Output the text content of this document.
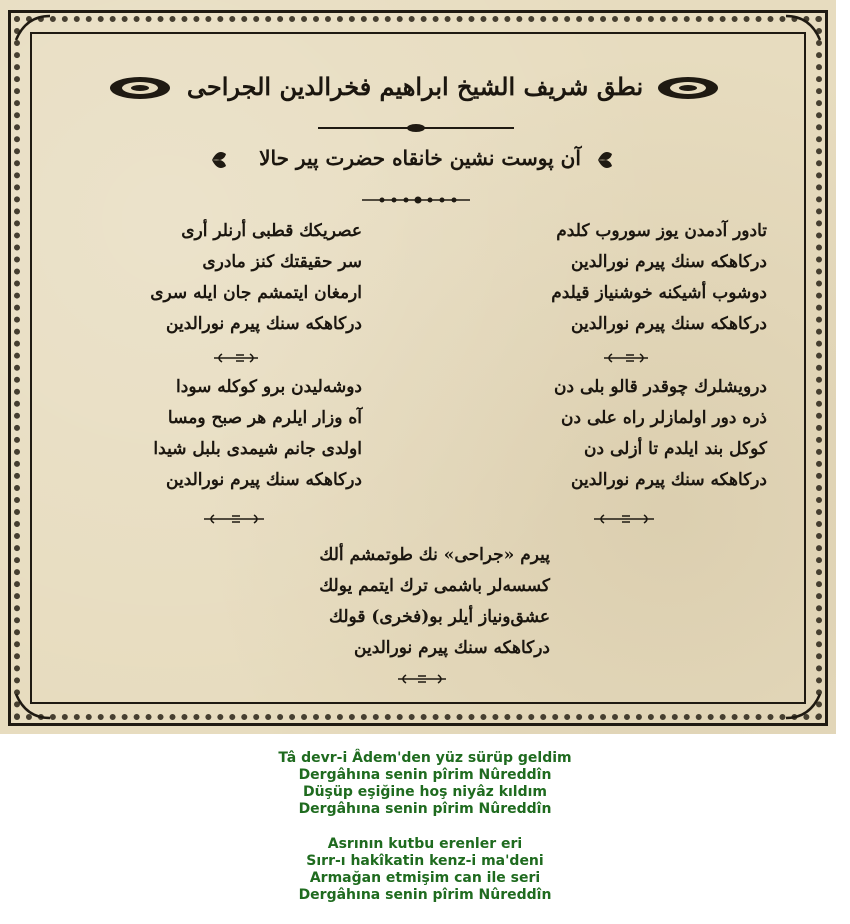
نطق شریف الشیخ ابراهیم فخرالدین الجراحی
آن پوست نشین خانقاه حضرت پیر حالا
تادور آدمدن یوز سوروب کلدم
درکاهکه سنك پیرم نورالدین
دوشوب أشیکنه خوشنیاز قیلدم
درکاهکه سنك پیرم نورالدین
عصریکك قطبی أرنلر أری
سر حقیقتك کنز مادری
ارمغان ایتمشم جان ایله سری
درکاهکه سنك پیرم نورالدین
درویشلرك چوقدر قالو بلی دن
ذره دور اولمازلر راه علی دن
کوکل بند ایلدم تا أزلی دن
درکاهکه سنك پیرم نورالدین
دوشه‌لیدن برو کوکله سودا
آه وزار ایلرم هر صبح ومسا
اولدی جانم شیمدی بلبل شیدا
درکاهکه سنك پیرم نورالدین
پیرم «جراحی» نك طوتمشم ألك
کسسه‌لر باشمی ترك ایتمم یولك
عشق‌ونیاز أیلر بو(فخری) قولك
درکاهکه سنك پیرم نورالدین
Tâ devr-i Âdem'den yüz sürüp geldim
Dergâhına senin pîrim Nûreddîn
Düşüp eşiğine hoş niyâz kıldım
Dergâhına senin pîrim Nûreddîn
Asrının kutbu erenler eri
Sırr-ı hakîkatin kenz-i ma'deni
Armağan etmişim can ile seri
Dergâhına senin pîrim Nûreddîn
